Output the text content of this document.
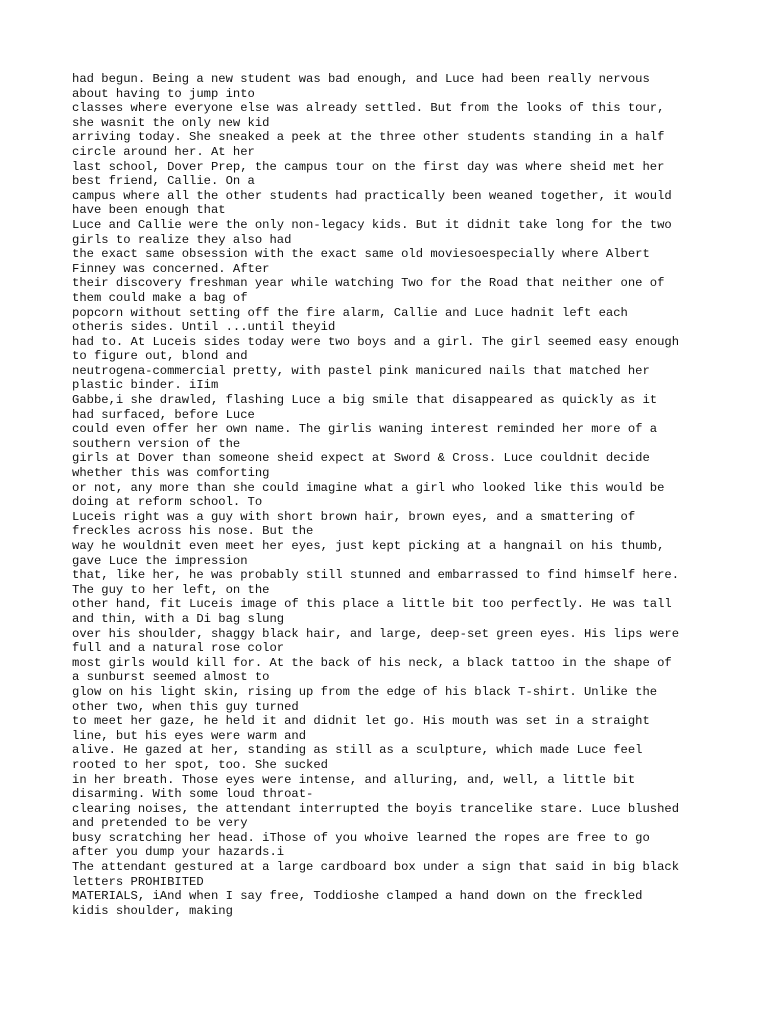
had begun. Being a new student was bad enough, and Luce had been really nervous
about having to jump into
classes where everyone else was already settled. But from the looks of this tour,
she wasnit the only new kid
arriving today. She sneaked a peek at the three other students standing in a half
circle around her. At her
last school, Dover Prep, the campus tour on the first day was where sheid met her
best friend, Callie. On a
campus where all the other students had practically been weaned together, it would
have been enough that
Luce and Callie were the only non-legacy kids. But it didnit take long for the two
girls to realize they also had
the exact same obsession with the exact same old moviesoespecially where Albert
Finney was concerned. After
their discovery freshman year while watching Two for the Road that neither one of
them could make a bag of
popcorn without setting off the fire alarm, Callie and Luce hadnit left each
otheris sides. Until ...until theyid
had to. At Luceis sides today were two boys and a girl. The girl seemed easy enough
to figure out, blond and
neutrogena-commercial pretty, with pastel pink manicured nails that matched her
plastic binder. iIim
Gabbe,i she drawled, flashing Luce a big smile that disappeared as quickly as it
had surfaced, before Luce
could even offer her own name. The girlis waning interest reminded her more of a
southern version of the
girls at Dover than someone sheid expect at Sword & Cross. Luce couldnit decide
whether this was comforting
or not, any more than she could imagine what a girl who looked like this would be
doing at reform school. To
Luceis right was a guy with short brown hair, brown eyes, and a smattering of
freckles across his nose. But the
way he wouldnit even meet her eyes, just kept picking at a hangnail on his thumb,
gave Luce the impression
that, like her, he was probably still stunned and embarrassed to find himself here.
The guy to her left, on the
other hand, fit Luceis image of this place a little bit too perfectly. He was tall
and thin, with a Di bag slung
over his shoulder, shaggy black hair, and large, deep-set green eyes. His lips were
full and a natural rose color
most girls would kill for. At the back of his neck, a black tattoo in the shape of
a sunburst seemed almost to
glow on his light skin, rising up from the edge of his black T-shirt. Unlike the
other two, when this guy turned
to meet her gaze, he held it and didnit let go. His mouth was set in a straight
line, but his eyes were warm and
alive. He gazed at her, standing as still as a sculpture, which made Luce feel
rooted to her spot, too. She sucked
in her breath. Those eyes were intense, and alluring, and, well, a little bit
disarming. With some loud throat-
clearing noises, the attendant interrupted the boyis trancelike stare. Luce blushed
and pretended to be very
busy scratching her head. iThose of you whoive learned the ropes are free to go
after you dump your hazards.i
The attendant gestured at a large cardboard box under a sign that said in big black
letters PROHIBITED
MATERIALS, iAnd when I say free, Toddioshe clamped a hand down on the freckled
kidis shoulder, making
